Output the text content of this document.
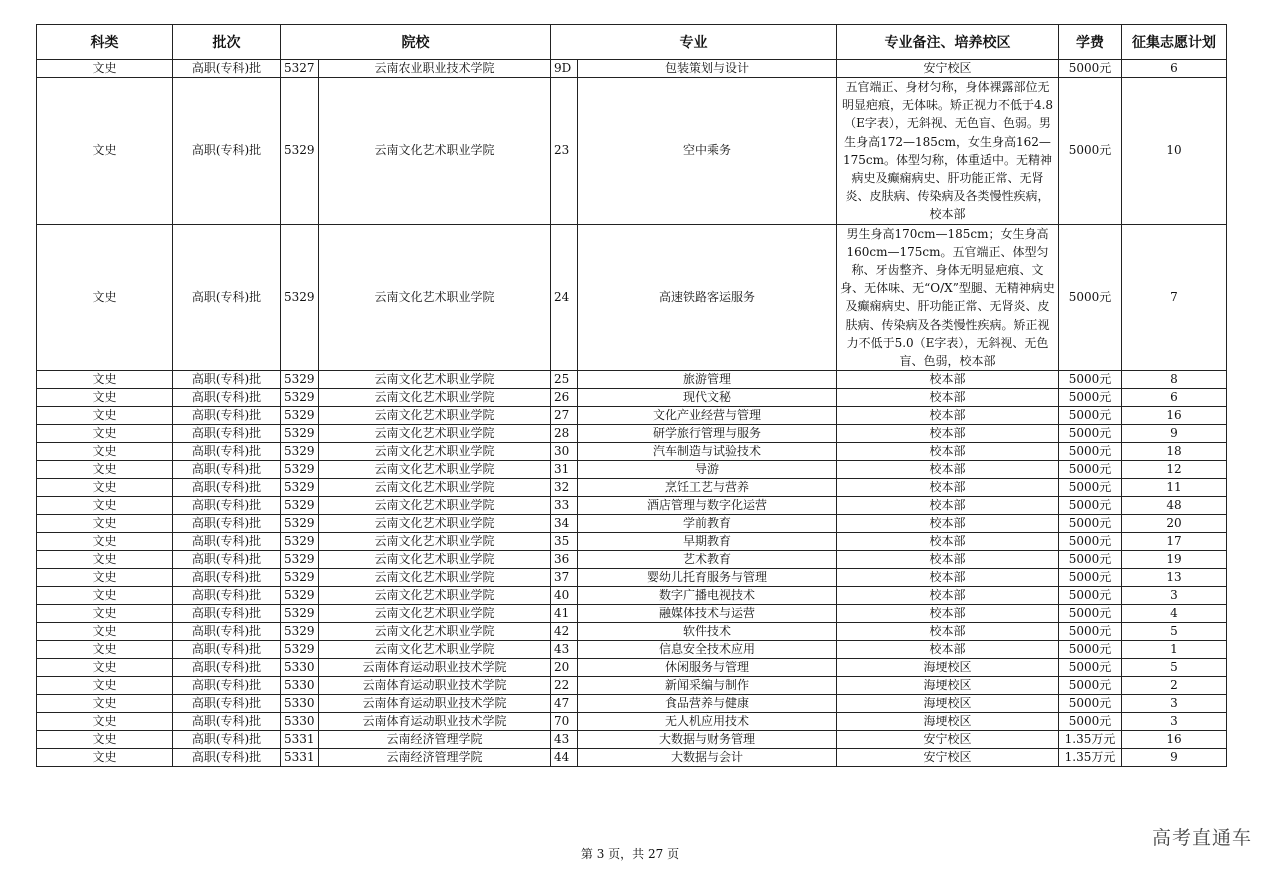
科类	批次	院校		专业		专业备注、培养校区	学费	征集志愿计划
文史	高职(专科)批	5327	云南农业职业技术学院	9D	包装策划与设计	安宁校区	5000元	6
文史	高职(专科)批	5329	云南文化艺术职业学院	23	空中乘务	五官端正、身材匀称，身体裸露部位无明显疤痕，无体味。矫正视力不低于4.8（E字表），无斜视、无色盲、色弱。男生身高172—185cm，女生身高162—175cm。体型匀称，体重适中。无精神病史及癫痫病史、肝功能正常、无肾炎、皮肤病、传染病及各类慢性疾病，校本部	5000元	10
文史	高职(专科)批	5329	云南文化艺术职业学院	24	高速铁路客运服务	男生身高170cm—185cm；女生身高160cm—175cm。五官端正、体型匀称、牙齿整齐、身体无明显疤痕、文身、无体味、无“O/X”型腿、无精神病史及癫痫病史、肝功能正常、无肾炎、皮肤病、传染病及各类慢性疾病。矫正视力不低于5.0（E字表），无斜视、无色盲、色弱，校本部	5000元	7
文史	高职(专科)批	5329	云南文化艺术职业学院	25	旅游管理	校本部	5000元	8
文史	高职(专科)批	5329	云南文化艺术职业学院	26	现代文秘	校本部	5000元	6
文史	高职(专科)批	5329	云南文化艺术职业学院	27	文化产业经营与管理	校本部	5000元	16
文史	高职(专科)批	5329	云南文化艺术职业学院	28	研学旅行管理与服务	校本部	5000元	9
文史	高职(专科)批	5329	云南文化艺术职业学院	30	汽车制造与试验技术	校本部	5000元	18
文史	高职(专科)批	5329	云南文化艺术职业学院	31	导游	校本部	5000元	12
文史	高职(专科)批	5329	云南文化艺术职业学院	32	烹饪工艺与营养	校本部	5000元	11
文史	高职(专科)批	5329	云南文化艺术职业学院	33	酒店管理与数字化运营	校本部	5000元	48
文史	高职(专科)批	5329	云南文化艺术职业学院	34	学前教育	校本部	5000元	20
文史	高职(专科)批	5329	云南文化艺术职业学院	35	早期教育	校本部	5000元	17
文史	高职(专科)批	5329	云南文化艺术职业学院	36	艺术教育	校本部	5000元	19
文史	高职(专科)批	5329	云南文化艺术职业学院	37	婴幼儿托育服务与管理	校本部	5000元	13
文史	高职(专科)批	5329	云南文化艺术职业学院	40	数字广播电视技术	校本部	5000元	3
文史	高职(专科)批	5329	云南文化艺术职业学院	41	融媒体技术与运营	校本部	5000元	4
文史	高职(专科)批	5329	云南文化艺术职业学院	42	软件技术	校本部	5000元	5
文史	高职(专科)批	5329	云南文化艺术职业学院	43	信息安全技术应用	校本部	5000元	1
文史	高职(专科)批	5330	云南体育运动职业技术学院	20	休闲服务与管理	海埂校区	5000元	5
文史	高职(专科)批	5330	云南体育运动职业技术学院	22	新闻采编与制作	海埂校区	5000元	2
文史	高职(专科)批	5330	云南体育运动职业技术学院	47	食品营养与健康	海埂校区	5000元	3
文史	高职(专科)批	5330	云南体育运动职业技术学院	70	无人机应用技术	海埂校区	5000元	3
文史	高职(专科)批	5331	云南经济管理学院	43	大数据与财务管理	安宁校区	1.35万元	16
文史	高职(专科)批	5331	云南经济管理学院	44	大数据与会计	安宁校区	1.35万元	9
第 3 页，共 27 页
高考直通车
